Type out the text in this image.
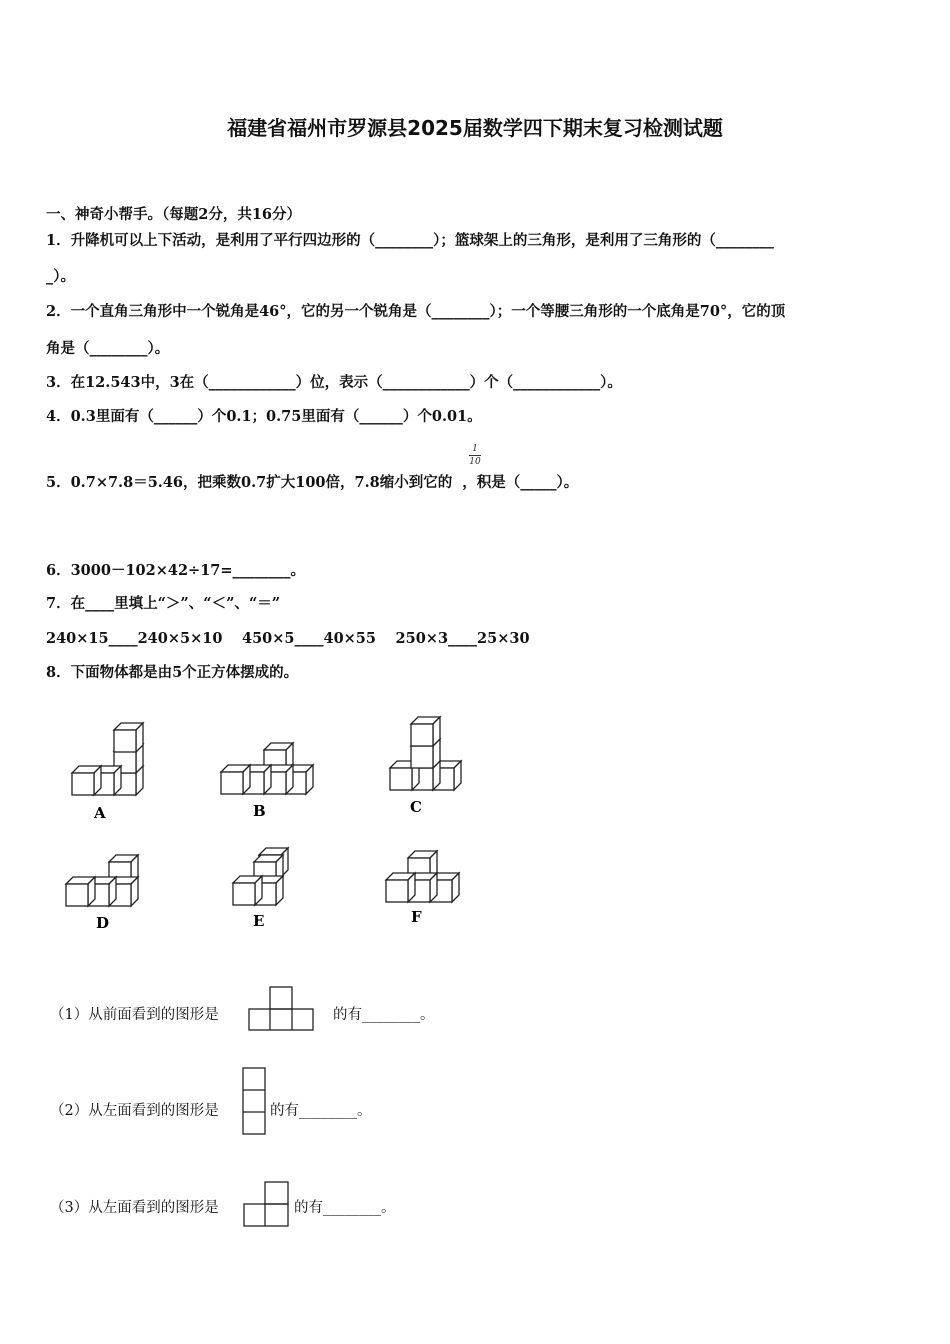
福建省福州市罗源县2025届数学四下期末复习检测试题
一、神奇小帮手。（每题2分，共16分）
1．升降机可以上下活动，是利用了平行四边形的（________）；篮球架上的三角形，是利用了三角形的（________
_）。
2．一个直角三角形中一个锐角是46°，它的另一个锐角是（________）；一个等腰三角形的一个底角是70°，它的顶
角是（________）。
3．在12.543中，3在（____________）位，表示（____________）个（____________）。
4．0.3里面有（______）个0.1；0.75里面有（______）个0.01。
5．0.7×7.8＝5.46，把乘数0.7扩大100倍，7.8缩小到它的 ，积是（_____）。
1
10
6．3000－102×42÷17=________。
7．在____里填上“＞”、“＜”、“＝”
240×15____240×5×10　 450×5____40×55　 250×3____25×30
8．下面物体都是由5个正方体摆成的。
A	B	C
D	E	F
（1）从前面看到的图形是	的有________。
（2）从左面看到的图形是	的有________。
（3）从左面看到的图形是	的有________。
